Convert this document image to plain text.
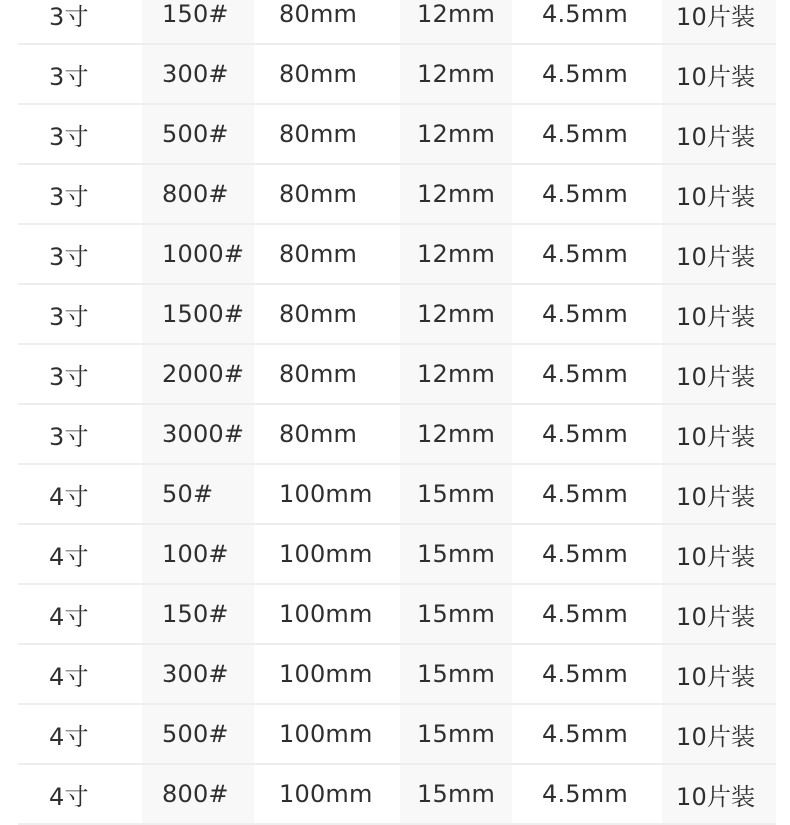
3寸	150#	80mm	12mm	4.5mm	10片装
3寸	300#	80mm	12mm	4.5mm	10片装
3寸	500#	80mm	12mm	4.5mm	10片装
3寸	800#	80mm	12mm	4.5mm	10片装
3寸	1000#	80mm	12mm	4.5mm	10片装
3寸	1500#	80mm	12mm	4.5mm	10片装
3寸	2000#	80mm	12mm	4.5mm	10片装
3寸	3000#	80mm	12mm	4.5mm	10片装
4寸	50#	100mm	15mm	4.5mm	10片装
4寸	100#	100mm	15mm	4.5mm	10片装
4寸	150#	100mm	15mm	4.5mm	10片装
4寸	300#	100mm	15mm	4.5mm	10片装
4寸	500#	100mm	15mm	4.5mm	10片装
4寸	800#	100mm	15mm	4.5mm	10片装
